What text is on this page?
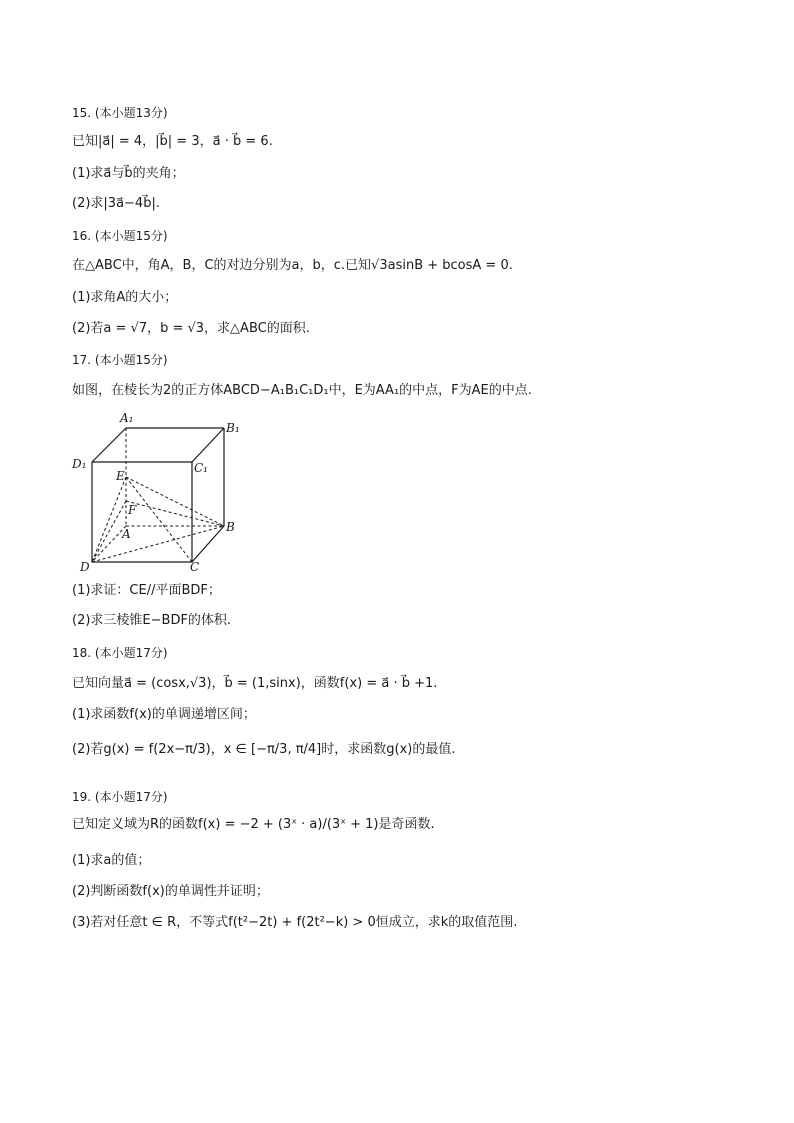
15. (本小题13分)
已知|a⃗| = 4，|b⃗| = 3，a⃗ · b⃗ = 6.
(1)求a⃗与b⃗的夹角；
(2)求|3a⃗−4b⃗|.
16. (本小题15分)
在△ABC中，角A，B，C的对边分别为a，b，c.已知√3asinB + bcosA = 0.
(1)求角A的大小；
(2)若a = √7，b = √3，求△ABC的面积.
17. (本小题15分)
如图，在棱长为2的正方体ABCD−A₁B₁C₁D₁中，E为AA₁的中点，F为AE的中点.
A₁
B₁
C₁
D₁
E
F
A	B
C
D
(1)求证：CE//平面BDF；
(2)求三棱锥E−BDF的体积.
18. (本小题17分)
已知向量a⃗ = (cosx,√3)，b⃗ = (1,sinx)，函数f(x) = a⃗ · b⃗ +1.
(1)求函数f(x)的单调递增区间；
(2)若g(x) = f(2x−π/3)，x ∈ [−π/3, π/4]时，求函数g(x)的最值.
19. (本小题17分)
已知定义域为R的函数f(x) = −2 + (3ˣ · a)/(3ˣ + 1)是奇函数.
(1)求a的值；
(2)判断函数f(x)的单调性并证明；
(3)若对任意t ∈ R，不等式f(t²−2t) + f(2t²−k) > 0恒成立，求k的取值范围.
